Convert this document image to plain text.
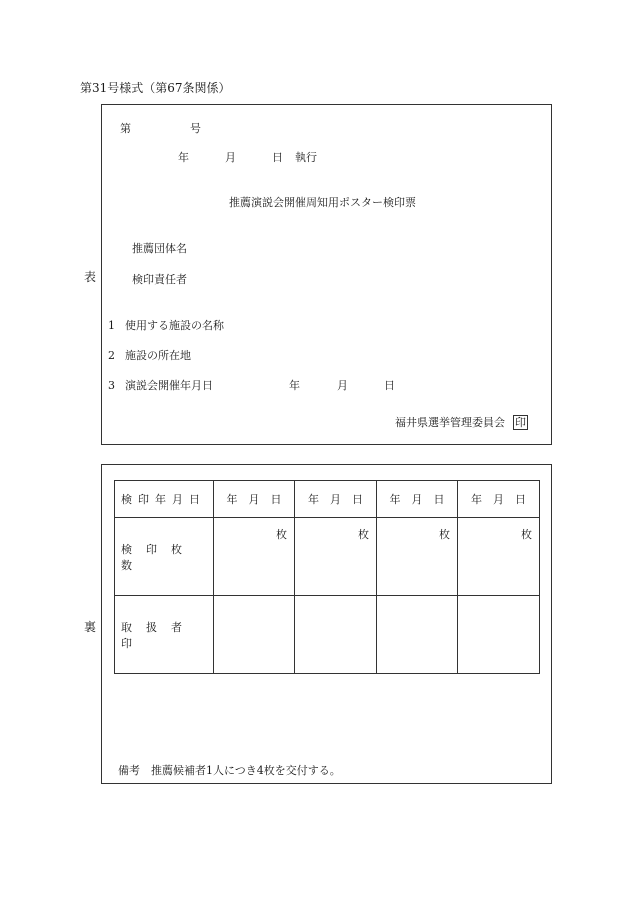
第31号様式（第67条関係）
表
第	号
年	月	日 執行
推薦演説会開催周知用ポスター検印票
推薦団体名
検印責任者
1 使用する施設の名称
2 施設の所在地
3 演説会開催年月日	年	月	日
福井県選挙管理委員会 印
裏
備考　推薦候補者1人につき4枚を交付する。
検印年月日	年　月　日	年　月　日	年　月　日	年　月　日
検印枚数	枚	枚	枚	枚
取扱者印				
